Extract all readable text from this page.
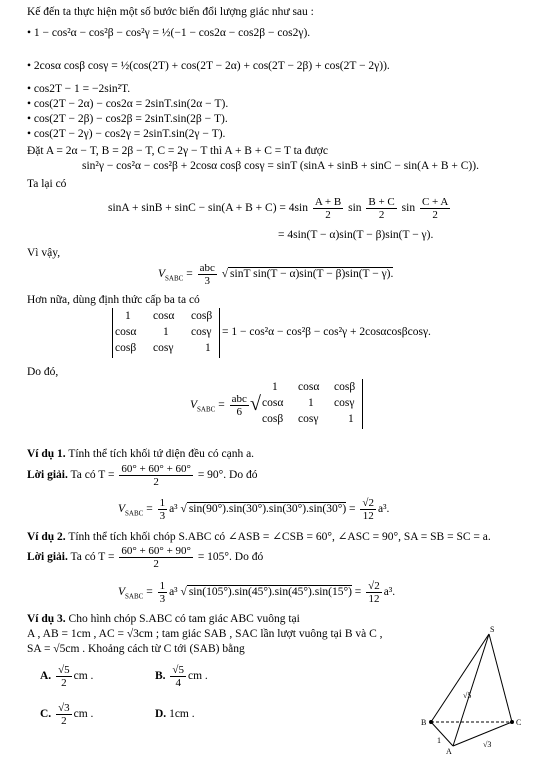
Kế đến ta thực hiện một số bước biến đổi lượng giác như sau :
• 1 − cos²α − cos²β − cos²γ = ½(−1 − cos2α − cos2β − cos2γ).
• 2cosα cosβ cosγ = ½(cos(2T) + cos(2T − 2α) + cos(2T − 2β) + cos(2T − 2γ)).
• cos2T − 1 = −2sin²T.
• cos(2T − 2α) − cos2α = 2sinT.sin(2α − T).
• cos(2T − 2β) − cos2β = 2sinT.sin(2β − T).
• cos(2T − 2γ) − cos2γ = 2sinT.sin(2γ − T).
Đặt A = 2α − T, B = 2β − T, C = 2γ − T thì A + B + C = T ta được
sin²γ − cos²α − cos²β + 2cosα cosβ cosγ = sinT (sinA + sinB + sinC − sin(A + B + C)).
Ta lại có
$\sin A + \sin B + \sin C - \sin(A + B + C) = 4\sin \frac{A + B}{2}$ $\sin \frac{B + C}{2}$ $\sin \frac{C + A}{2}$
= 4sin(T − α)sin(T − β)sin(T − γ).
Vì vậy,
$V_{SABC} = \frac{\text{abc}}{3}$ √ sinT sin(T − α)sin(T − β)sin(T − γ).
Hơn nữa, dùng định thức cấp ba ta có
1 cosα cosβ
cosα 1 cosγ
cosβ cosγ	1
= 1 − cos²α − cos²β − cos²γ + 2cosαcosβcosγ.
Do đó,
$V_{SABC} = \frac{\text{abc}}{6}$ √
1 cosα cosβ
cosα 1 cosγ
cosβ cosγ	1
Ví dụ 1. Tính thể tích khối tứ diện đều có cạnh a.
Lời giải. Ta có $T = \frac{60^\circ + 60^\circ + 60^\circ}{2} = 90^\circ$. Do đó
$V_{SABC} = \frac{1}{3} a^3$ √ $\sin(90^\circ).\sin(30^\circ).\sin(30^\circ).\sin(30^\circ) = \frac{√2}{12} a^3$.
Ví dụ 2. Tính thể tích khối chóp S.ABC có ∠ASB = ∠CSB = 60°, ∠ASC = 90°, SA = SB = SC = a.
Lời giải. Ta có $T = \frac{60^\circ + 60^\circ + 90^\circ}{2} = 105^\circ$. Do đó
$V_{SABC} = \frac{1}{3} a^3$ √ $\sin(105^\circ).\sin(45^\circ).\sin(45^\circ).\sin(15^\circ) = \frac{√2}{12} a^3$.
Ví dụ 3. Cho hình chóp S.ABC có tam giác ABC vuông tại
A , AB = 1cm , AC = √3cm ; tam giác SAB , SAC lần lượt vuông tại B và C ,
SA = √5cm . Khoảng cách từ C tới (SAB) bằng
A. $\frac{√5}{2}$ cm .	B. $\frac{√5}{4}$ cm .
C. $\frac{√3}{2}$ cm .	D. 1cm .
S
B	C
A
√5
1	√3
